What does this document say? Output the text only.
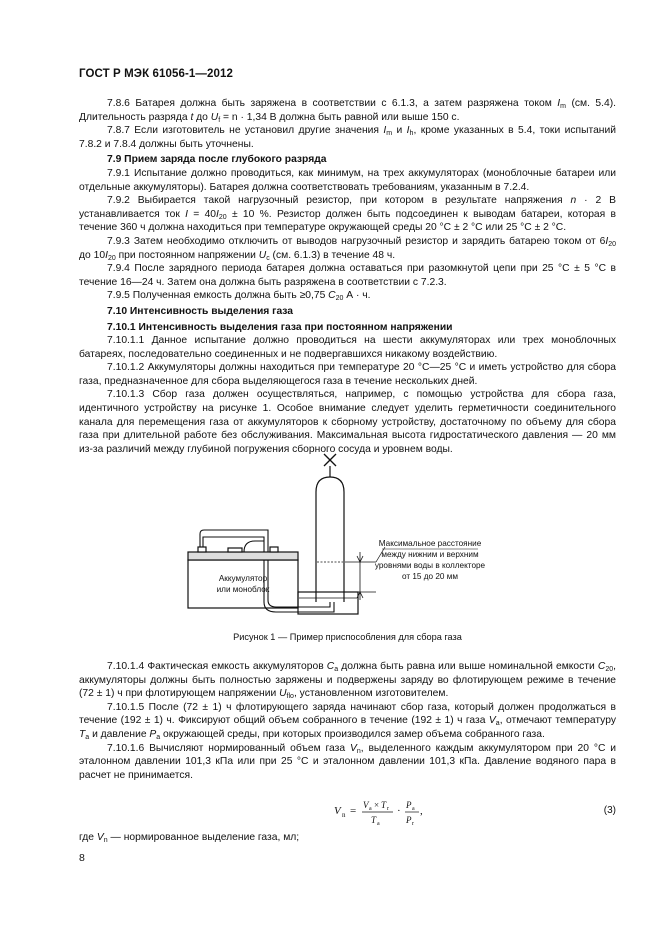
ГОСТ Р МЭК 61056-1—2012

7.8.6 Батарея должна быть заряжена в соответствии с 6.1.3, а затем разряжена током $I_m$ (см. 5.4). Длительность разряда t до $U_f = n \cdot 1,34$ В должна быть равной или выше 150 с.

7.8.7 Если изготовитель не установил другие значения $I_m$ и $I_h$, кроме указанных в 5.4, токи испытаний 7.8.2 и 7.8.4 должны быть уточнены.

7.9 Прием заряда после глубокого разряда

7.9.1 Испытание должно проводиться, как минимум, на трех аккумуляторах (моноблочные батареи или отдельные аккумуляторы). Батарея должна соответствовать требованиям, указанным в 7.2.4.

7.9.2 Выбирается такой нагрузочный резистор, при котором в результате напряжения n · 2 В устанавливается ток $I = 40I_{20} \pm 10$ %. Резистор должен быть подсоединен к выводам батареи, которая в течение 360 ч должна находиться при температуре окружающей среды 20 °С ± 2 °С или 25 °С ± 2 °С.

7.9.3 Затем необходимо отключить от выводов нагрузочный резистор и зарядить батарею током от $6I_{20}$ до $10I_{20}$ при постоянном напряжении $U_c$ (см. 6.1.3) в течение 48 ч.

7.9.4 После зарядного периода батарея должна оставаться при разомкнутой цепи при 25 °С ± 5 °С в течение 16—24 ч. Затем она должна быть разряжена в соответствии с 7.2.3.

7.9.5 Полученная емкость должна быть ≥0,75 $C_{20}$ А · ч.

7.10 Интенсивность выделения газа

7.10.1 Интенсивность выделения газа при постоянном напряжении

7.10.1.1 Данное испытание должно проводиться на шести аккумуляторах или трех моноблочных батареях, последовательно соединенных и не подвергавшихся никакому воздействию.

7.10.1.2 Аккумуляторы должны находиться при температуре 20 °С—25 °С и иметь устройство для сбора газа, предназначенное для сбора выделяющегося газа в течение нескольких дней.

7.10.1.3 Сбор газа должен осуществляться, например, с помощью устройства для сбора газа, идентичного устройству на рисунке 1. Особое внимание следует уделить герметичности соединительного канала для перемещения газа от аккумуляторов к сборному устройству, достаточному по объему для сбора газа при длительной работе без обслуживания. Максимальная высота гидростатического давления — 20 мм из-за различий между глубиной погружения сборного сосуда и уровнем воды.

Аккумулятор
или моноблок
Максимальное расстояние
между нижним и верхним
уровнями воды в коллекторе
от 15 до 20 мм
Рисунок 1 — Пример приспособления для сбора газа

7.10.1.4 Фактическая емкость аккумуляторов $C_a$ должна быть равна или выше номинальной емкости $C_{20}$, аккумуляторы должны быть полностью заряжены и подвержены заряду во флотирующем режиме в течение (72 ± 1) ч при флотирующем напряжении $U_{flo}$, установленном изготовителем.

7.10.1.5 После (72 ± 1) ч флотирующего заряда начинают сбор газа, который должен продолжаться в течение (192 ± 1) ч. Фиксируют общий объем собранного в течение (192 ± 1) ч газа $V_a$, отмечают температуру $T_a$ и давление $P_a$ окружающей среды, при которых производился замер объема собранного газа.

7.10.1.6 Вычисляют нормированный объем газа $V_n$, выделенного каждым аккумулятором при 20 °С и эталонном давлении 101,3 кПа или при 25 °С и эталонном давлении 101,3 кПа. Давление водяного пара в расчет не принимается.

V n = V a × T r
T a
· P a
P r
,	(3)

где $V_n$ — нормированное выделение газа, мл;

8
